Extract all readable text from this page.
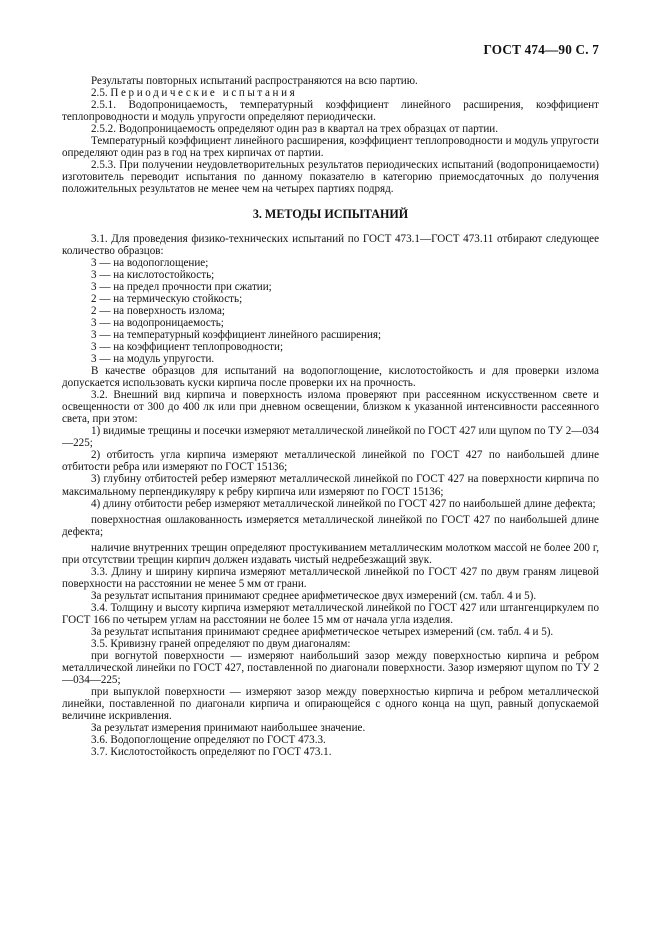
ГОСТ 474—90 С. 7

Результаты повторных испытаний распространяются на всю партию.

2.5. Периодические испытания

2.5.1. Водопроницаемость, температурный коэффициент линейного расширения, коэффициент теплопроводности и модуль упругости определяют периодически.

2.5.2. Водопроницаемость определяют один раз в квартал на трех образцах от партии.

Температурный коэффициент линейного расширения, коэффициент теплопроводности и модуль упругости определяют один раз в год на трех кирпичах от партии.

2.5.3. При получении неудовлетворительных результатов периодических испытаний (водопроницаемости) изготовитель переводит испытания по данному показателю в категорию приемосдаточных до получения положительных результатов не менее чем на четырех партиях подряд.

3. МЕТОДЫ ИСПЫТАНИЙ

3.1. Для проведения физико-технических испытаний по ГОСТ 473.1—ГОСТ 473.11 отбирают следующее количество образцов:

3 — на водопоглощение;

3 — на кислотостойкость;

3 — на предел прочности при сжатии;

2 — на термическую стойкость;

2 — на поверхность излома;

3 — на водопроницаемость;

3 — на температурный коэффициент линейного расширения;

3 — на коэффициент теплопроводности;

3 — на модуль упругости.

В качестве образцов для испытаний на водопоглощение, кислотостойкость и для проверки излома допускается использовать куски кирпича после проверки их на прочность.

3.2. Внешний вид кирпича и поверхность излома проверяют при рассеянном искусственном свете и освещенности от 300 до 400 лк или при дневном освещении, близком к указанной интенсивности рассеянного света, при этом:

1) видимые трещины и посечки измеряют металлической линейкой по ГОСТ 427 или щупом по ТУ 2—034—225;

2) отбитость угла кирпича измеряют металлической линейкой по ГОСТ 427 по наибольшей длине отбитости ребра или измеряют по ГОСТ 15136;

3) глубину отбитостей ребер измеряют металлической линейкой по ГОСТ 427 на поверхности кирпича по максимальному перпендикуляру к ребру кирпича или измеряют по ГОСТ 15136;

4) длину отбитости ребер измеряют металлической линейкой по ГОСТ 427 по наибольшей длине дефекта;

поверхностная ошлакованность измеряется металлической линейкой по ГОСТ 427 по наибольшей длине дефекта;

наличие внутренних трещин определяют простукиванием металлическим молотком массой не более 200 г, при отсутствии трещин кирпич должен издавать чистый недребезжащий звук.

3.3. Длину и ширину кирпича измеряют металлической линейкой по ГОСТ 427 по двум граням лицевой поверхности на расстоянии не менее 5 мм от грани.

За результат испытания принимают среднее арифметическое двух измерений (см. табл. 4 и 5).

3.4. Толщину и высоту кирпича измеряют металлической линейкой по ГОСТ 427 или штангенциркулем по ГОСТ 166 по четырем углам на расстоянии не более 15 мм от начала угла изделия.

За результат испытания принимают среднее арифметическое четырех измерений (см. табл. 4 и 5).

3.5. Кривизну граней определяют по двум диагоналям:

при вогнутой поверхности — измеряют наибольший зазор между поверхностью кирпича и ребром металлической линейки по ГОСТ 427, поставленной по диагонали поверхности. Зазор измеряют щупом по ТУ 2—034—225;

при выпуклой поверхности — измеряют зазор между поверхностью кирпича и ребром металлической линейки, поставленной по диагонали кирпича и опирающейся с одного конца на щуп, равный допускаемой величине искривления.

За результат измерения принимают наибольшее значение.

3.6. Водопоглощение определяют по ГОСТ 473.3.

3.7. Кислотостойкость определяют по ГОСТ 473.1.
